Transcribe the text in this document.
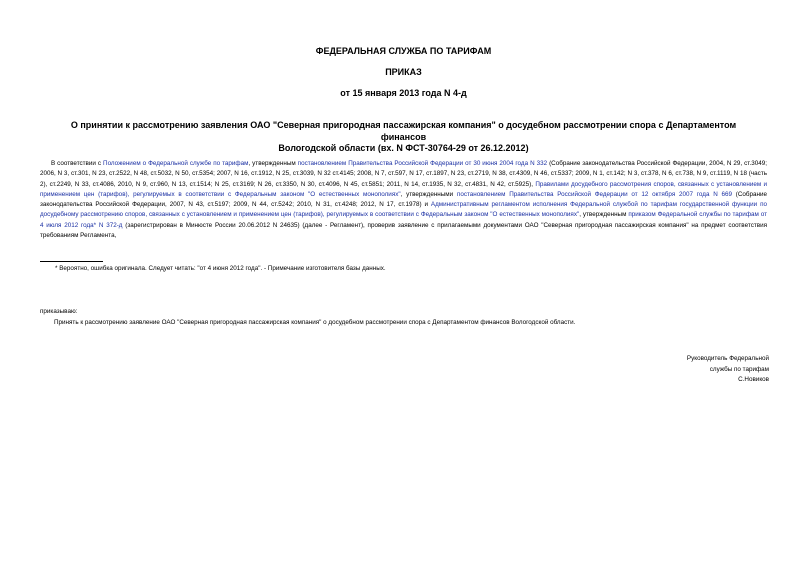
ФЕДЕРАЛЬНАЯ СЛУЖБА ПО ТАРИФАМ
ПРИКАЗ
от 15 января 2013 года N 4-д
О принятии к рассмотрению заявления ОАО "Северная пригородная пассажирская компания" о досудебном рассмотрении спора с Департаментом финансов
Вологодской области (вх. N ФСТ-30764-29 от 26.12.2012)
В соответствии с Положением о Федеральной службе по тарифам, утвержденным постановлением Правительства Российской Федерации от 30 июня 2004 года N 332 (Собрание законодательства Российской Федерации, 2004, N 29, ст.3049; 2006, N 3, ст.301, N 23, ст.2522, N 48, ст.5032, N 50, ст.5354; 2007, N 16, ст.1912, N 25, ст.3039, N 32 ст.4145; 2008, N 7, ст.597, N 17, ст.1897, N 23, ст.2719, N 38, ст.4309, N 46, ст.5337; 2009, N 1, ст.142; N 3, ст.378, N 6, ст.738, N 9, ст.1119, N 18 (часть 2), ст.2249, N 33, ст.4086, 2010, N 9, ст.960, N 13, ст.1514; N 25, ст.3169; N 26, ст.3350, N 30, ст.4096, N 45, ст.5851; 2011, N 14, ст.1935, N 32, ст.4831, N 42, ст.5925), Правилами досудебного рассмотрения споров, связанных с установлением и применением цен (тарифов), регулируемых в соответствии с Федеральным законом "О естественных монополиях", утвержденными постановлением Правительства Российской Федерации от 12 октября 2007 года N 669 (Собрание законодательства Российской Федерации, 2007, N 43, ст.5197; 2009, N 44, ст.5242; 2010, N 31, ст.4248; 2012, N 17, ст.1978) и Административным регламентом исполнения Федеральной службой по тарифам государственной функции по досудебному рассмотрению споров, связанных с установлением и применением цен (тарифов), регулируемых в соответствии с Федеральным законом "О естественных монополиях", утвержденным приказом Федеральной службы по тарифам от 4 июля 2012 года* N 372-д (зарегистрирован в Минюсте России 20.06.2012 N 24635) (далее - Регламент), проверив заявление с прилагаемыми документами ОАО "Северная пригородная пассажирская компания" на предмет соответствия требованиям Регламента,
* Вероятно, ошибка оригинала. Следует читать: "от 4 июня 2012 года". - Примечание изготовителя базы данных.
приказываю:
Принять к рассмотрению заявление ОАО "Северная пригородная пассажирская компания" о досудебном рассмотрении спора с Департаментом финансов Вологодской области.
Руководитель Федеральной
службы по тарифам
С.Новиков
